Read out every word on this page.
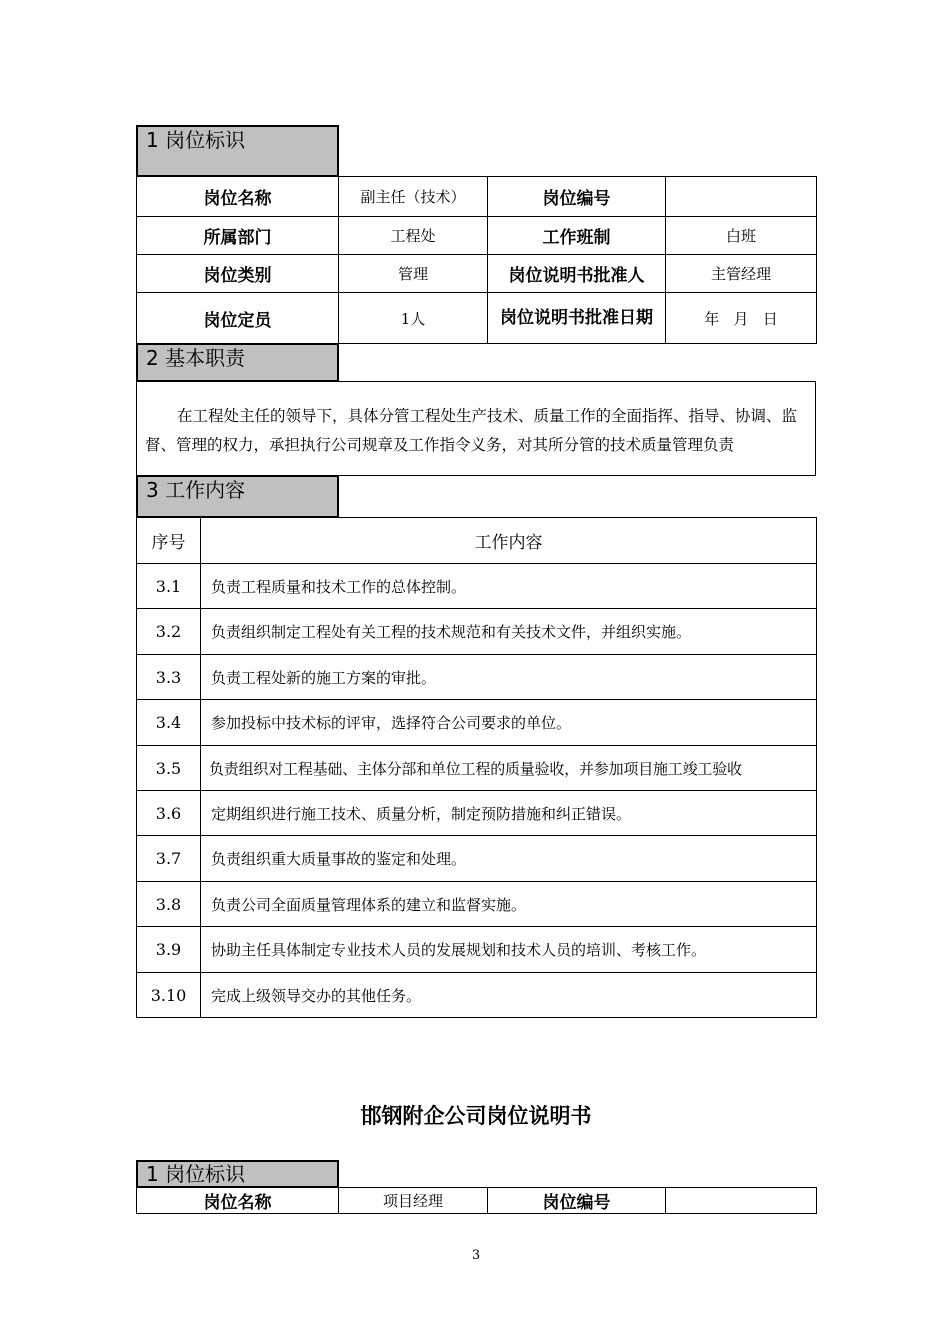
1 岗位标识
岗位名称	副主任（技术）	岗位编号	
所属部门	工程处	工作班制	白班
岗位类别	管理	岗位说明书批准人	主管经理
岗位定员	1人	岗位说明书批准日期	年   月   日
2 基本职责
在工程处主任的领导下，具体分管工程处生产技术、质量工作的全面指挥、指导、协调、监督、管理的权力，承担执行公司规章及工作指令义务，对其所分管的技术质量管理负责
3 工作内容
序号	工作内容
3.1	负责工程质量和技术工作的总体控制。
3.2	负责组织制定工程处有关工程的技术规范和有关技术文件，并组织实施。
3.3	负责工程处新的施工方案的审批。
3.4	参加投标中技术标的评审，选择符合公司要求的单位。
3.5	负责组织对工程基础、主体分部和单位工程的质量验收，并参加项目施工竣工验收
3.6	定期组织进行施工技术、质量分析，制定预防措施和纠正错误。
3.7	负责组织重大质量事故的鉴定和处理。
3.8	负责公司全面质量管理体系的建立和监督实施。
3.9	协助主任具体制定专业技术人员的发展规划和技术人员的培训、考核工作。
3.10	完成上级领导交办的其他任务。
邯钢附企公司岗位说明书
1 岗位标识
岗位名称	项目经理	岗位编号	
3
